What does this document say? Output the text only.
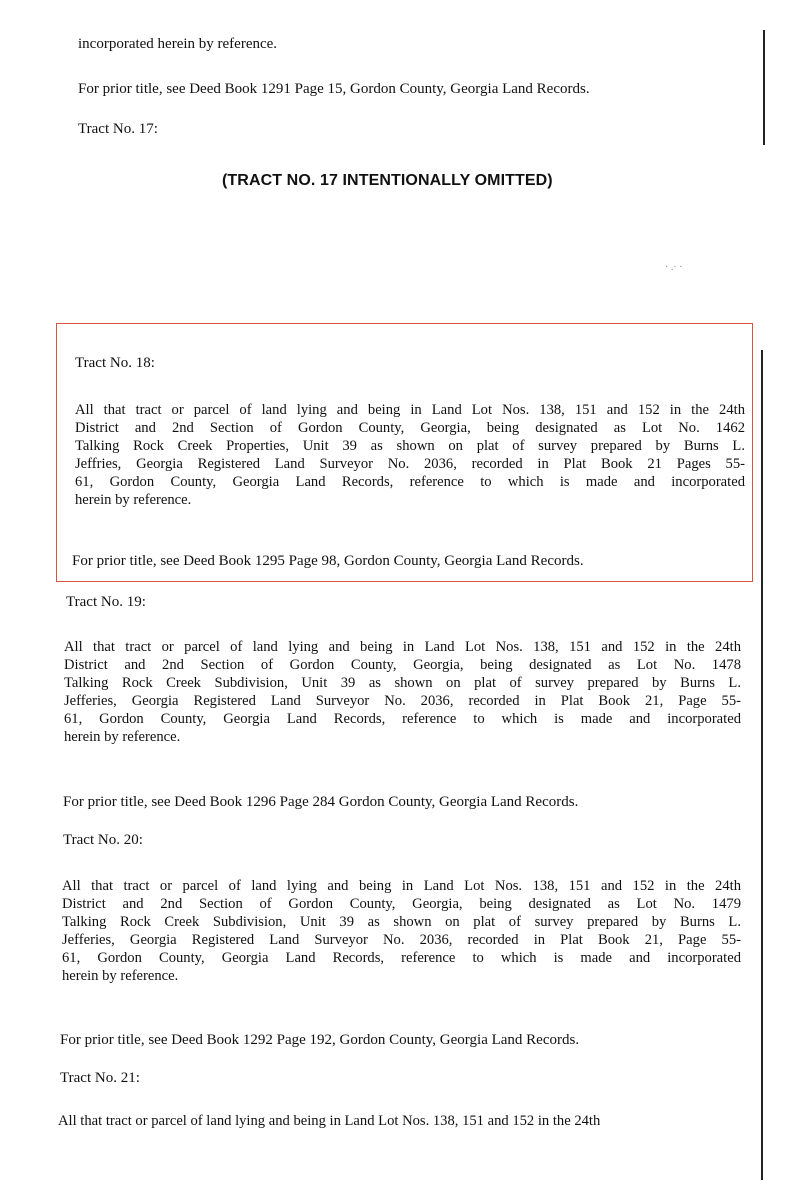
· .· ·
incorporated herein by reference.
For prior title, see Deed Book 1291 Page 15, Gordon County, Georgia Land Records.
Tract No. 17:
(TRACT NO. 17 INTENTIONALLY OMITTED)
Tract No. 18:
All that tract or parcel of land lying and being in Land Lot Nos. 138, 151 and 152 in the 24th
District and 2nd Section of Gordon County, Georgia, being designated as Lot No. 1462
Talking Rock Creek Properties, Unit 39 as shown on plat of survey prepared by Burns L.
Jeffries, Georgia Registered Land Surveyor No. 2036, recorded in Plat Book 21 Pages 55-
61, Gordon County, Georgia Land Records, reference to which is made and incorporated
herein by reference.
For prior title, see Deed Book 1295 Page 98, Gordon County, Georgia Land Records.
Tract No. 19:
All that tract or parcel of land lying and being in Land Lot Nos. 138, 151 and 152 in the 24th
District and 2nd Section of Gordon County, Georgia, being designated as Lot No. 1478
Talking Rock Creek Subdivision, Unit 39 as shown on plat of survey prepared by Burns L.
Jefferies, Georgia Registered Land Surveyor No. 2036, recorded in Plat Book 21, Page 55-
61, Gordon County, Georgia Land Records, reference to which is made and incorporated
herein by reference.
For prior title, see Deed Book 1296 Page 284 Gordon County, Georgia Land Records.
Tract No. 20:
All that tract or parcel of land lying and being in Land Lot Nos. 138, 151 and 152 in the 24th
District and 2nd Section of Gordon County, Georgia, being designated as Lot No. 1479
Talking Rock Creek Subdivision, Unit 39 as shown on plat of survey prepared by Burns L.
Jefferies, Georgia Registered Land Surveyor No. 2036, recorded in Plat Book 21, Page 55-
61, Gordon County, Georgia Land Records, reference to which is made and incorporated
herein by reference.
For prior title, see Deed Book 1292 Page 192, Gordon County, Georgia Land Records.
Tract No. 21:
All that tract or parcel of land lying and being in Land Lot Nos. 138, 151 and 152 in the 24th
